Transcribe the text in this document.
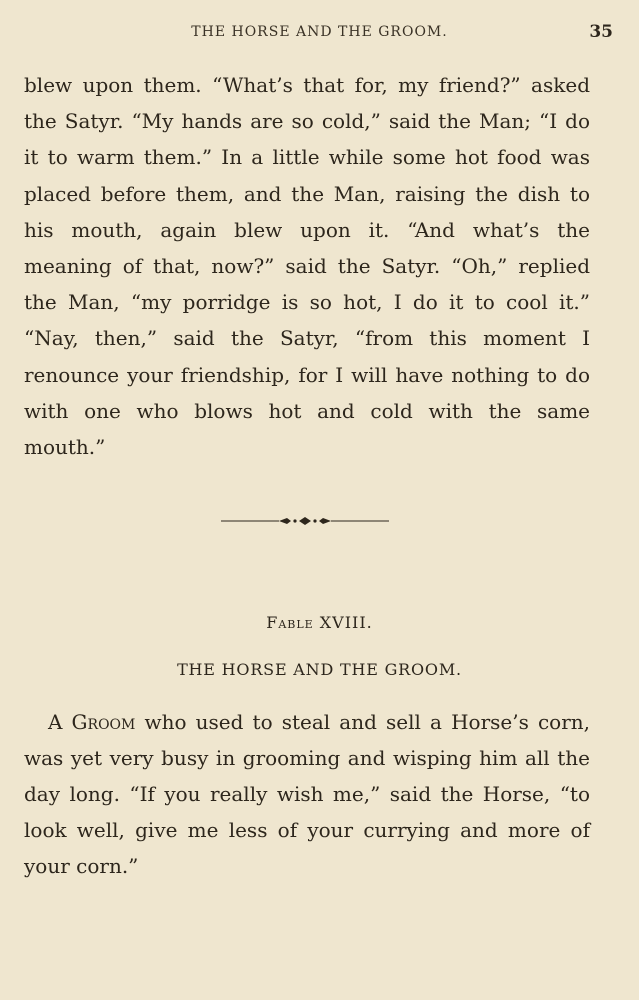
THE HORSE AND THE GROOM.	35

blew upon them. “What’s that for, my friend?” asked the Satyr. “My hands are so cold,” said the Man; “I do it to warm them.” In a little while some hot food was placed before them, and the Man, raising the dish to his mouth, again blew upon it. “And what’s the meaning of that, now?” said the Satyr. “Oh,” replied the Man, “my porridge is so hot, I do it to cool it.” “Nay, then,” said the Satyr, “from this moment I renounce your friendship, for I will have nothing to do with one who blows hot and cold with the same mouth.”

Fable XVIII.
THE HORSE AND THE GROOM.

A Groom who used to steal and sell a Horse’s corn, was yet very busy in grooming and wisping him all the day long. “If you really wish me,” said the Horse, “to look well, give me less of your currying and more of your corn.”
